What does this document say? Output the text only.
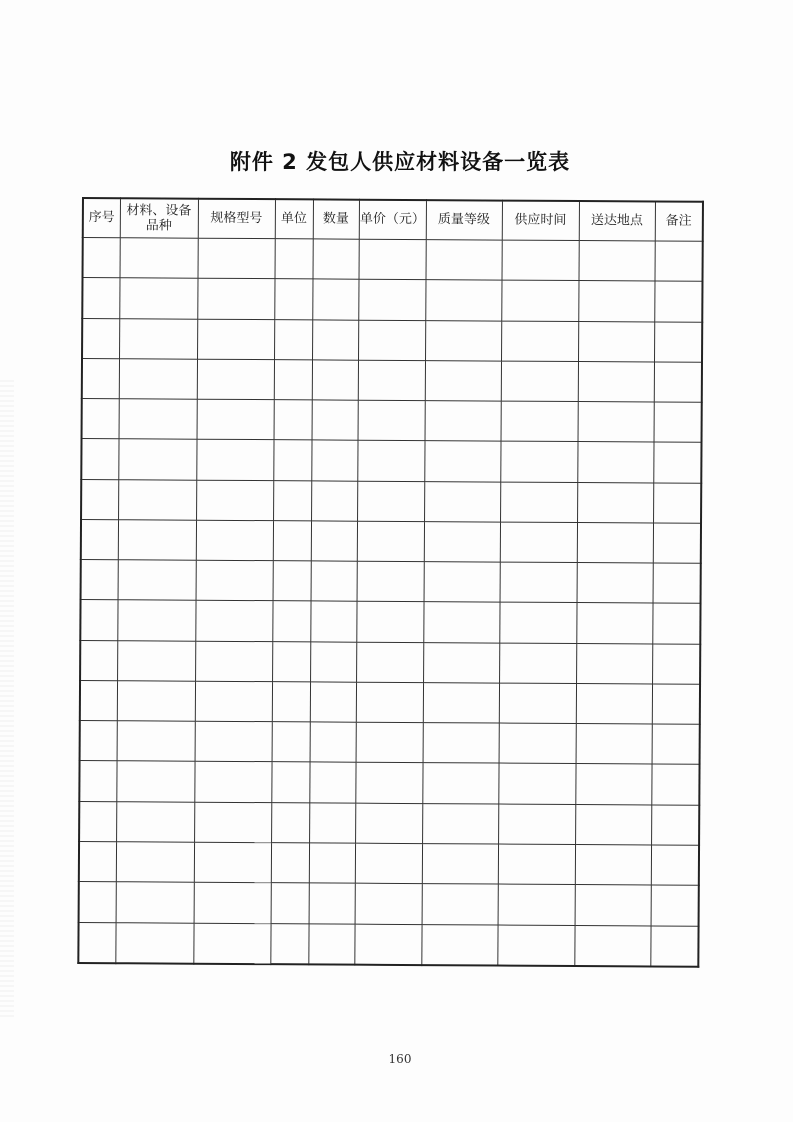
附件 2 发包人供应材料设备一览表
序号	材料、设备品种	规格型号	单位	数量	单价（元）	质量等级	供应时间	送达地点	备注

160
